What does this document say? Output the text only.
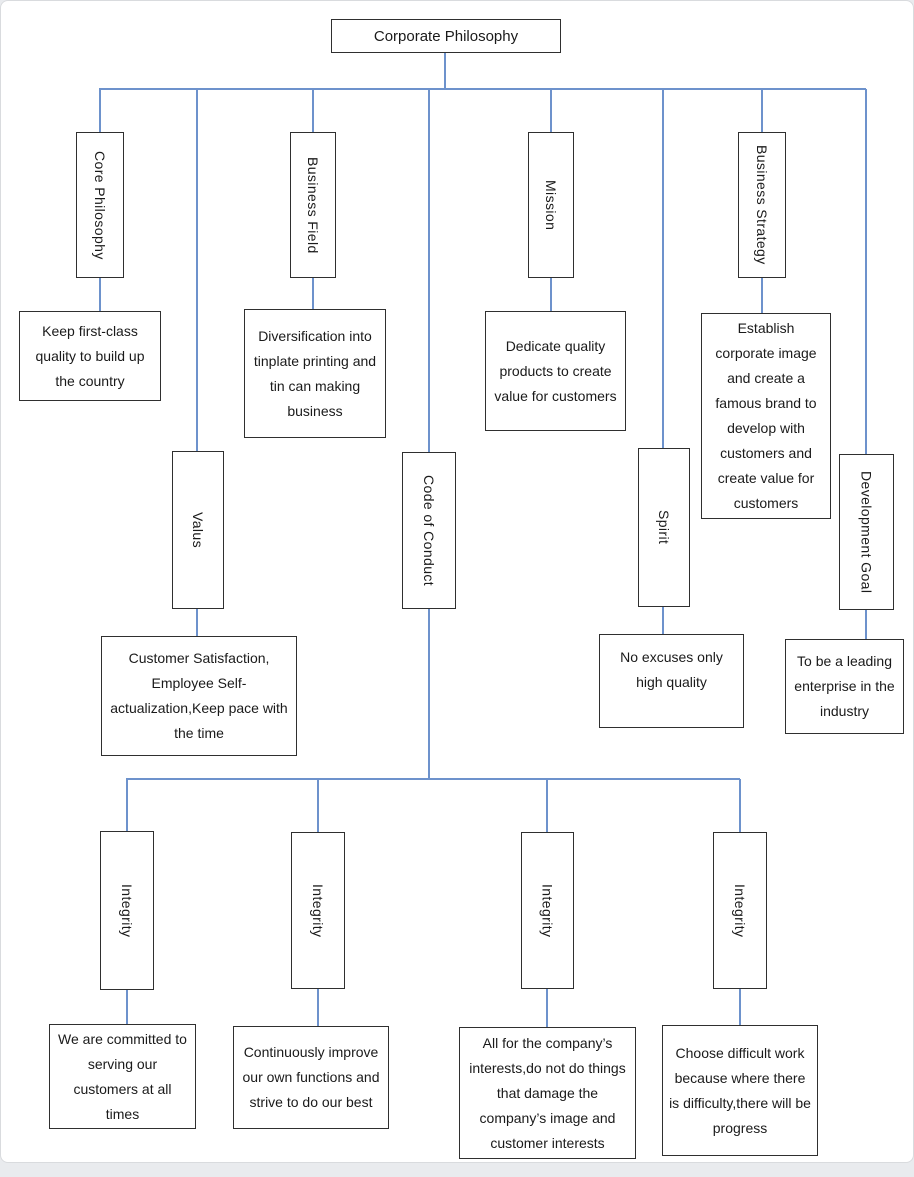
Corporate Philosophy
Core Philosophy	Business Field	Mission	Business Strategy
Keep first-class quality to build up the country
Diversification into tinplate printing and tin can making business
Dedicate quality products to create value for customers
Establish corporate image and create a famous brand to develop with customers and create value for customers
Valus	Code of Conduct	Spirit	Development Goal
Customer Satisfaction, Employee Self-actualization,Keep pace with the time
No excuses only high quality
To be a leading enterprise in the industry
Integrity	Integrity	Integrity	Integrity
We are committed to serving our customers at all times
Continuously improve our own functions and strive to do our best
All for the company’s interests,do not do things that damage the company’s image and customer interests
Choose difficult work because where there is difficulty,there will be progress
